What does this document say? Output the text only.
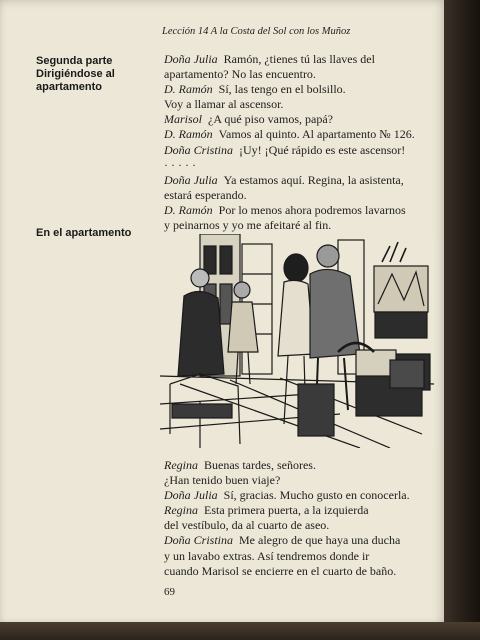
Lección 14 A la Costa del Sol con los Muñoz
Segunda parte
Dirigiéndose al
apartamento
En el apartamento
Doña Julia Ramón, ¿tienes tú las llaves del
apartamento? No las encuentro.
D. Ramón Sí, las tengo en el bolsillo.
Voy a llamar al ascensor.
Marisol ¿A qué piso vamos, papá?
D. Ramón Vamos al quinto. Al apartamento № 126.
Doña Cristina ¡Uy! ¡Qué rápido es este ascensor!
· · · · ·
Doña Julia Ya estamos aquí. Regina, la asistenta,
estará esperando.
D. Ramón Por lo menos ahora podremos lavarnos
y peinarnos y yo me afeitaré al fin.
Regina Buenas tardes, señores.
¿Han tenido buen viaje?
Doña Julia Sí, gracias. Mucho gusto en conocerla.
Regina Esta primera puerta, a la izquierda
del vestíbulo, da al cuarto de aseo.
Doña Cristina Me alegro de que haya una ducha
y un lavabo extras. Así tendremos donde ir
cuando Marisol se encierre en el cuarto de baño.
69
